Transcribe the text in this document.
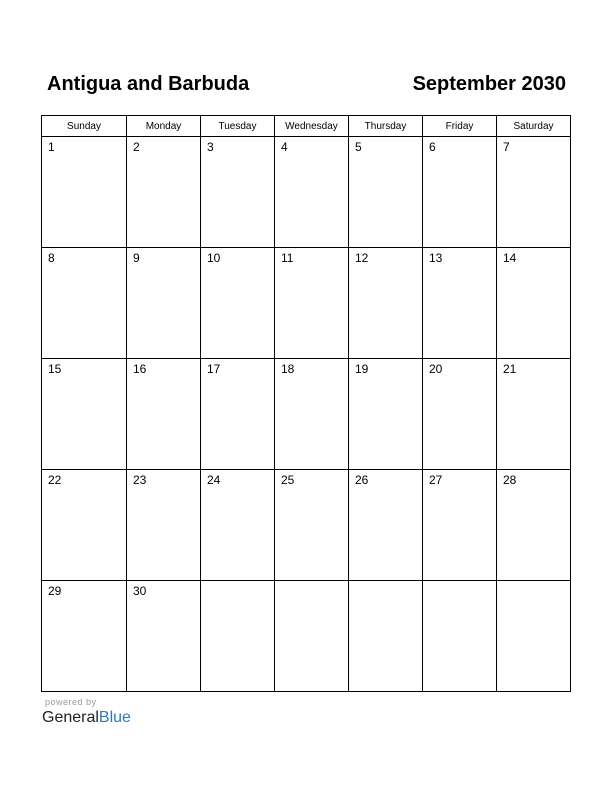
Antigua and Barbuda	September 2030
Sunday	Monday	Tuesday	Wednesday	Thursday	Friday	Saturday

1	2	3	4	5	6	7

8	9	10	11	12	13	14

15	16	17	18	19	20	21

22	23	24	25	26	27	28

29	30					

powered by
GeneralBlue
